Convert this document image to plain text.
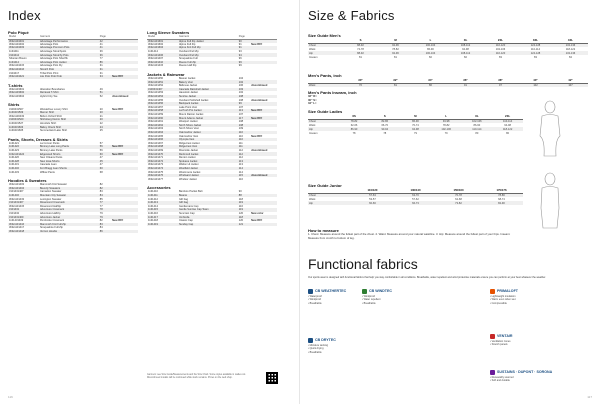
Index
Polo Piqué
Model	Garment	Page	
3NH1134401	Advantage Performance	42	
3NH1134402	Advantage Polo	41	
3NH1134403	Advantage Premium Polo	41	
1134411	Advantage Stretchpolo	36	
3134412	Advantage Stretchy Polo	36	
Siberian Boson	Advantage Polo Sheriffs	77	
1134414	Advantage Polo Jacket	86	
3NH1134415	Advantage Polo Fly	31	
3NH1134416	Stretch Polo	31	
3134417	Tribal Polo Print	31	
3NH1134421	Lite Polo Polo Polo	34	New RFF
T-shirts
3NH1133601	Alteration Boundaries	49	
3NH1133602	Retrieval T-Shirt	51	
3NH1133604	Hybrid City Tee	52	discontinued
Shirts
3130431507	Wenatchee Luxury Shirt	20	New RFF
1130431509	Mercer Shirt	20	
3NH1130433	Bolton Oxford Shirt	21	
3130431520	Shirtsberg Denim Shirt	20	
1130431527	Honolulu Shirt	22	
1130431603	Bailey Check Shirt	24	
1130431605	Summerland Lake Shirt	25	
Pants, Shorts, Dresses & Skirts
1131421	La Conner Pants	57	
1131422	Bonney Lake Long Pants	56	New RFF
1131423	Bonney Lake Pants	56	
1NH1131424	Edgewood Shorts	60	New RFF
1131426	New Orleans Pants	47	
1131428	New Iowa Shorts	45	
1131431	Cascade Jean	47	
1131432	Fort Bragg Jean Shorts	60	
1131433	Willow Pants	68	
Hoodies & Sweaters
3NH1131403	Mammoth Knit Sweater	82	
3NH1131404	Beverly Sweaters	82	
3131431407	Carnation Sweater	83	
1131432	Mountain City Sweater	84	
3NH1131433	Lexington Sweater	85	
3131431407	Rosamond Crewneck	77	
3NH1131415	Rosamond Halfzip	77	
3131431	Adventure Crewneck	78	
3131432	Adventure Halfzip	79	
3131431409	Adventure Jacket	79	
1131431409	Pembroke Crewneck	82	New RFF
3NH1131416	Mammoth Knit Full Zip	83	
3NH1131417	Snoqualmie Full Zip	84	
3NH1131418	Vernon Hoodie	86	
Long Sleeve Sweaters
Model	Garment	Page	
3NH1131601	Alpine Full Zip Jacket	90	
3NH1131602	Alpine Full Zip	91	New RFF
3NH1131604	Alpine Knit Full Zip	91	
1131414	Overland Full Zip	93	
3NH1131406	Overland Full Zip	94	
3NH1131407	Snoqualmie Full	96	
3NH1131410	Fleece Full Zip	99	
3NH1131415	Fleece Half Zip	99	
Jackets & Rainwear
3NH1131450	Beaver Jacket	104	
3NH1131451	Bakery Vest	102	
3NH1131452	Bellevue Jacket	106	discontinued
3130431407	Cascade Rainshell Jacket	103	
3NH1131453	Havelock Jacket	102	
3NH1131454	Sunrise Jacket	108	
3NH1131455	Overland Softshell Jacket	108	discontinued
3NH1131456	Backpack Jacket	99	
3NH1131457	Lake Point Vest	107	
3NH1131458	La Push Pro Jacket	113	New RFF
3NH1131459	Mount Rainier Jacket	107	
3NH1131460	Mount Adams Jacket	117	New RFF
3NH1131461	Westport Jacket	108	
3NH1131462	North Shore Jacket	108	
3NH1131463	North Shore Vest	109	
3NH1131464	Oak Harbor Jacket	110	
3NH1131465	Oak Harbor Vest	110	New RFF
3NH1131466	Olympia Vest	110	
3NH1131467	Ridgecrest Jacket	111	
3NH1131468	Ridgecrest Vest	111	
3NH1131469	Riverside Jacket	112	discontinued
3NH1131470	Redmond Jacket	112	
3NH1131471	Renton Jacket	112	
3NH1131472	Spokane Jacket	113	
3NH1131473	Walton Ht Jacket	113	
3NH1131474	Westfield Jacket	114	
3NH1131475	Westmoore Jacket	114	
3NH1131476	Windward Jacket	115	discontinued
3NH1131477	Windsor Jacket	116	
Accessories
1131410	Bamboo Pocket Belt	90	
1131411	Beanie	88	
1131412	Gift bag	118	
1131413	Gift bag	119	
1131414	Gentlemans Cap	116	
1131415	Gentle Sunrise Cap Team	119	
1131416	Suncrest Cap	120	New color
1131417	Umbrella	118	
1131418	Classic Cap	120	New RFF
1131419	Sunday Cap	121	
Garment: see Size Guide/Measurements and the Size Chart. Some styles available in Ladies cut. Discontinued models will be continued while stock remains. Prices on the web shop.
116
Size & Fabrics
Size Guide Men's
	S	M	L	XL	2XL	3XL	4XL
Chest	88-92	92-96	100-104	108-112	116-120	124-128	132-136
Waist	74-78	78-82	86-90	94-98	102-106	110-114	118-122
Hip	88-92	92-96	100-104	108-112	116-120	124-128	132-136
Inseam	81	81	82	82	83	83	84
Men's Pants, inch
	30"	32"	34"	36"	38"	40"	42"
Waist	76	81	86	91	97	102	107
Men's Pants Inseam, inch
32" R=
30" S=
34" L=
Size Guide Ladies
	XS	S	M	L	XL	2XL
Chest	78-82	82-86	86-90	94-98	102-106	110-114
Waist	62-66	66-70	70-74	78-82	86-90	94-98
Hip	86-90	90-94	94-98	102-106	110-114	118-122
Inseam	78	78	79	79	80	80
Size Guide Junior
	110/120	130/140	150/160	170/176
Chest	57-63	63-70	70-78	78-86
Waist	53-57	57-62	62-68	68-74
Hip	60-66	66-73	73-82	82-90
How to measure
1. Chest: Measure around the fullest part of the chest. 2. Waist: Measure around your natural waistline. 3. Hip: Measure around the fullest part of your hips. Inseam: Measure from crotch to bottom of leg.
Functional fabrics
Our sports wear is designed with functional fabrics that help you stay comfortable in all conditions. Breathable, water repellent and wind protective materials ensure you can perform at your best whatever the weather.
CB WEATHERTEC
• Waterproof
• Windproof
• Breathable
CB WINDTEC
• Windproof
• Water repellent
• Breathable
PRIMALOFT
• Lightweight insulation
• Warm even when wet
• Compressible
CB DRYTEC
• Moisture wicking
• Quick drying
• Breathable
VENTAIR
• Ventilation zones
• Stretch panels
SUSTAINS · DUPONT · SORONA
• Renewably sourced
• Soft and durable
117
